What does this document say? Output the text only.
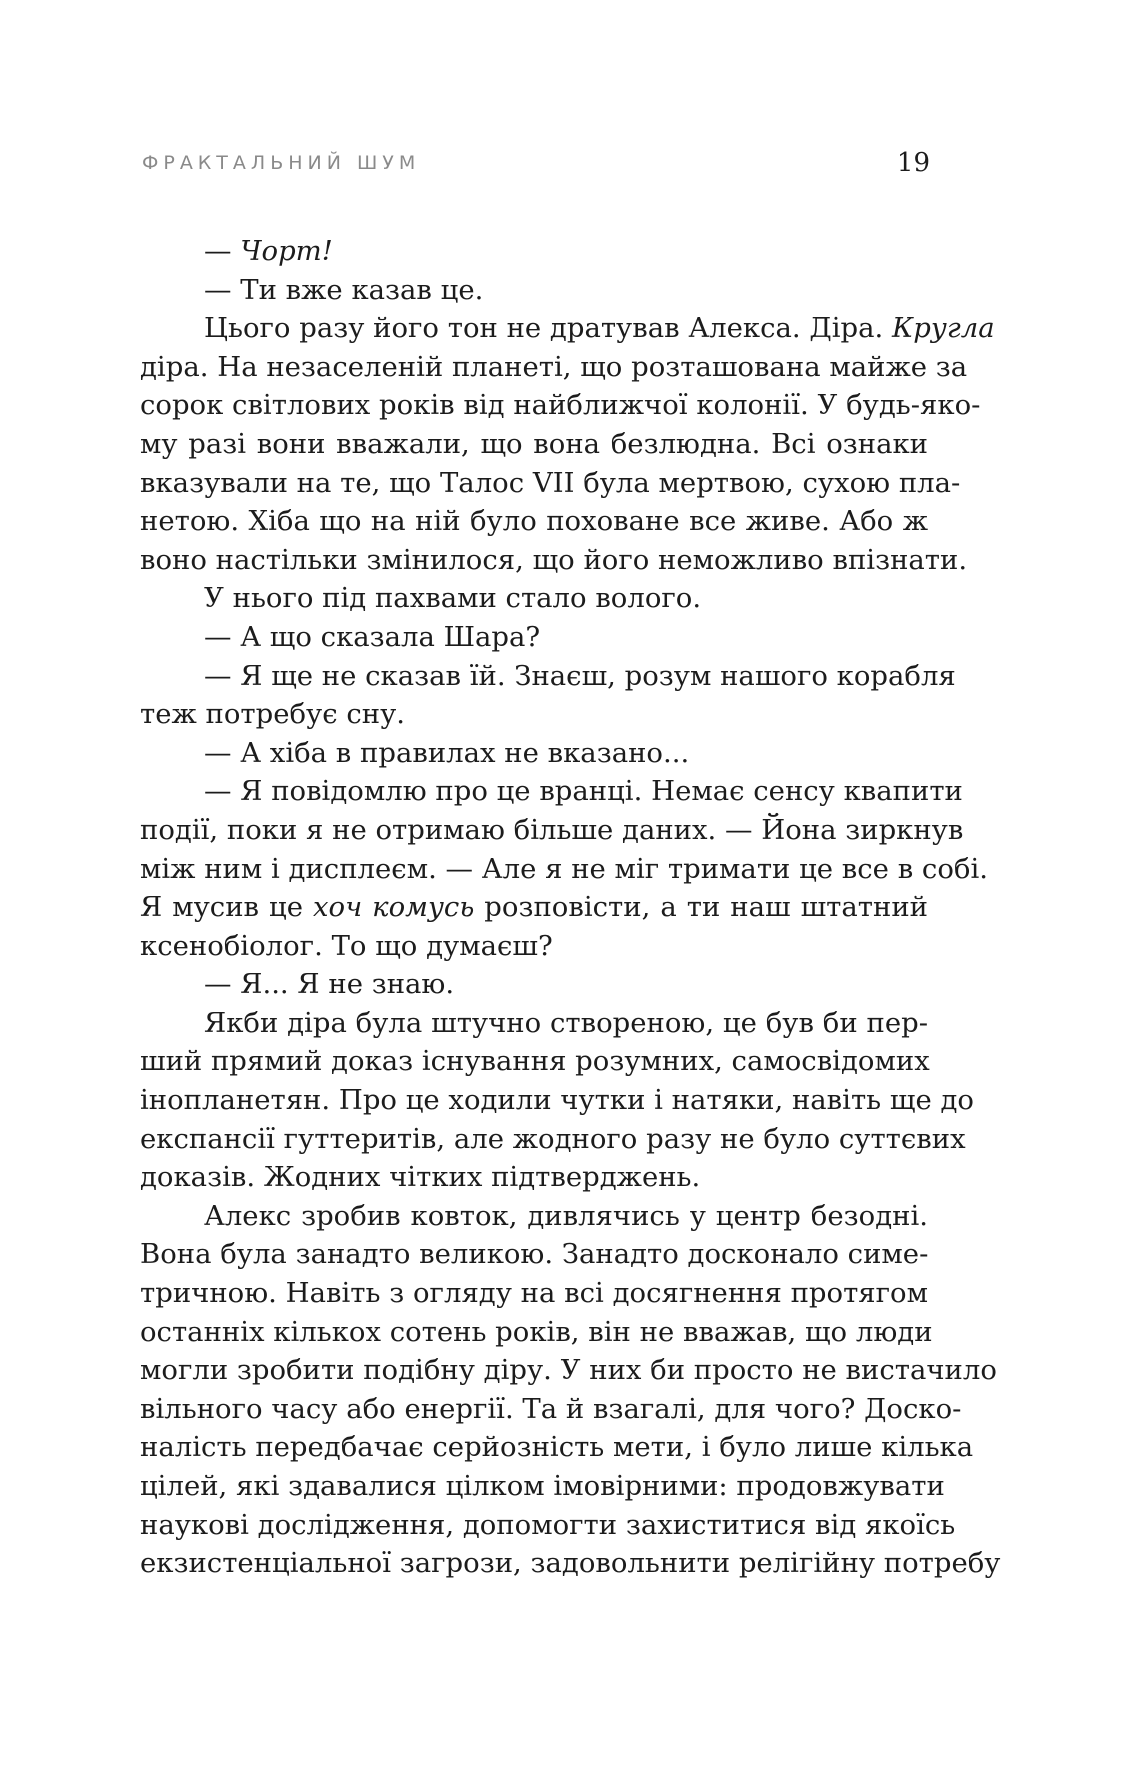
ФРАКТАЛЬНИЙ ШУМ	19
— Чорт!
— Ти вже казав це.
Цього разу його тон не дратував Алекса. Діра. Кругла
діра. На незаселеній планеті, що розташована майже за
сорок світлових років від найближчої колонії. У будь-яко-
му разі вони вважали, що вона безлюдна. Всі ознаки
вказували на те, що Талос VII була мертвою, сухою пла-
нетою. Хіба що на ній було поховане все живе. Або ж
воно настільки змінилося, що його неможливо впізнати.
У нього під пахвами стало волого.
— А що сказала Шара?
— Я ще не сказав їй. Знаєш, розум нашого корабля
теж потребує сну.
— А хіба в правилах не вказано...
— Я повідомлю про це вранці. Немає сенсу квапити
події, поки я не отримаю більше даних. — Йона зиркнув
між ним і дисплеєм. — Але я не міг тримати це все в собі.
Я мусив це хоч комусь розповісти, а ти наш штатний
ксенобіолог. То що думаєш?
— Я... Я не знаю.
Якби діра була штучно створеною, це був би пер-
ший прямий доказ існування розумних, самосвідомих
інопланетян. Про це ходили чутки і натяки, навіть ще до
експансії гуттеритів, але жодного разу не було суттєвих
доказів. Жодних чітких підтверджень.
Алекс зробив ковток, дивлячись у центр безодні.
Вона була занадто великою. Занадто досконало симе-
тричною. Навіть з огляду на всі досягнення протягом
останніх кількох сотень років, він не вважав, що люди
могли зробити подібну діру. У них би просто не вистачило
вільного часу або енергії. Та й взагалі, для чого? Доско-
налість передбачає серйозність мети, і було лише кілька
цілей, які здавалися цілком імовірними: продовжувати
наукові дослідження, допомогти захиститися від якоїсь
екзистенціальної загрози, задовольнити релігійну потребу
